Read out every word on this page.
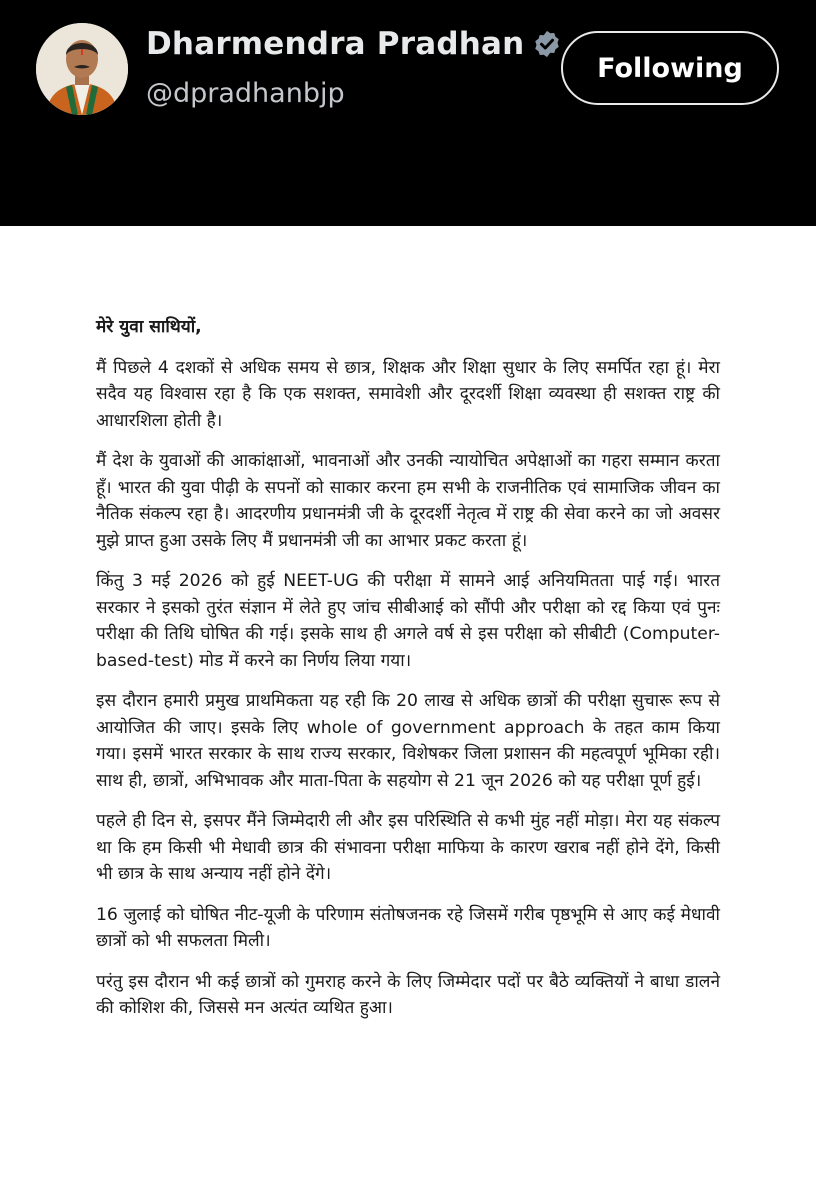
Dharmendra Pradhan
@dpradhanbjp
Following

मेरे युवा साथियों,

मैं पिछले 4 दशकों से अधिक समय से छात्र, शिक्षक और शिक्षा सुधार के लिए समर्पित रहा हूं। मेरा सदैव यह विश्वास रहा है कि एक सशक्त, समावेशी और दूरदर्शी शिक्षा व्यवस्था ही सशक्त राष्ट्र की आधारशिला होती है।

मैं देश के युवाओं की आकांक्षाओं, भावनाओं और उनकी न्यायोचित अपेक्षाओं का गहरा सम्मान करता हूँ। भारत की युवा पीढ़ी के सपनों को साकार करना हम सभी के राजनीतिक एवं सामाजिक जीवन का नैतिक संकल्प रहा है। आदरणीय प्रधानमंत्री जी के दूरदर्शी नेतृत्व में राष्ट्र की सेवा करने का जो अवसर मुझे प्राप्त हुआ उसके लिए मैं प्रधानमंत्री जी का आभार प्रकट करता हूं।

किंतु 3 मई 2026 को हुई NEET-UG की परीक्षा में सामने आई अनियमितता पाई गई। भारत सरकार ने इसको तुरंत संज्ञान में लेते हुए जांच सीबीआई को सौंपी और परीक्षा को रद्द किया एवं पुनः परीक्षा की तिथि घोषित की गई। इसके साथ ही अगले वर्ष से इस परीक्षा को सीबीटी (Computer-based-test) मोड में करने का निर्णय लिया गया।

इस दौरान हमारी प्रमुख प्राथमिकता यह रही कि 20 लाख से अधिक छात्रों की परीक्षा सुचारू रूप से आयोजित की जाए। इसके लिए whole of government approach के तहत काम किया गया। इसमें भारत सरकार के साथ राज्य सरकार, विशेषकर जिला प्रशासन की महत्वपूर्ण भूमिका रही। साथ ही, छात्रों, अभिभावक और माता-पिता के सहयोग से 21 जून 2026 को यह परीक्षा पूर्ण हुई।

पहले ही दिन से, इसपर मैंने जिम्मेदारी ली और इस परिस्थिति से कभी मुंह नहीं मोड़ा। मेरा यह संकल्प था कि हम किसी भी मेधावी छात्र की संभावना परीक्षा माफिया के कारण खराब नहीं होने देंगे, किसी भी छात्र के साथ अन्याय नहीं होने देंगे।

16 जुलाई को घोषित नीट-यूजी के परिणाम संतोषजनक रहे जिसमें गरीब पृष्ठभूमि से आए कई मेधावी छात्रों को भी सफलता मिली।

परंतु इस दौरान भी कई छात्रों को गुमराह करने के लिए जिम्मेदार पदों पर बैठे व्यक्तियों ने बाधा डालने की कोशिश की, जिससे मन अत्यंत व्यथित हुआ।
